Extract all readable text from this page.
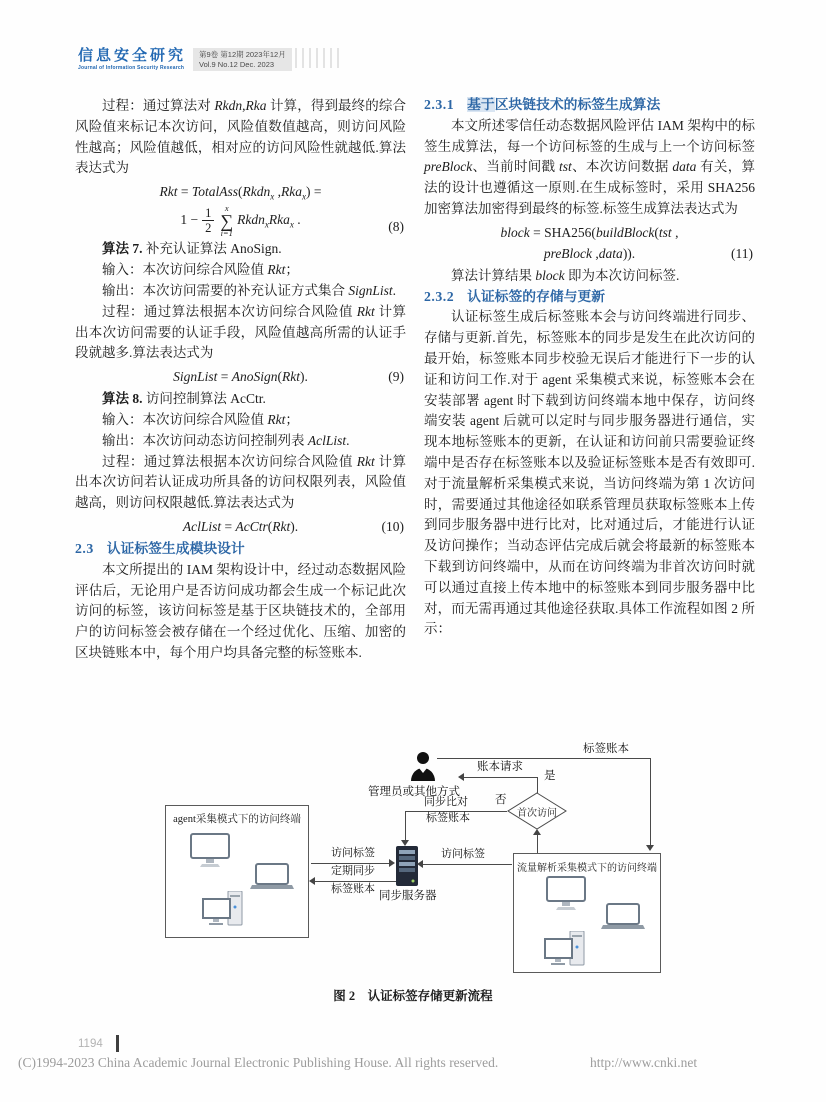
信息安全研究
Journal of Information Security Research
第9卷 第12期 2023年12月
Vol.9 No.12 Dec. 2023

过程：通过算法对 Rkdn,Rka 计算，得到最终的综合风险值来标记本次访问，风险值数值越高，则访问风险性越高；风险值越低，相对应的访问风险性就越低.算法表达式为

Rkt = TotalAss(Rkdn$_x$ ,Rka$_x$) =
$1 - \frac{1}{2}$ x
∑
i=1
Rkdn$_x$Rka$_x$ .	(8)

算法 7. 补充认证算法 AnoSign.

输入：本次访问综合风险值 Rkt；

输出：本次访问需要的补充认证方式集合 SignList.

过程：通过算法根据本次访问综合风险值 Rkt 计算出本次访问需要的认证手段，风险值越高所需的认证手段就越多.算法表达式为

SignList = AnoSign(Rkt).	(9)

算法 8. 访问控制算法 AcCtr.

输入：本次访问综合风险值 Rkt；

输出：本次访问动态访问控制列表 AclList.

过程：通过算法根据本次访问综合风险值 Rkt 计算出本次访问若认证成功所具备的访问权限列表，风险值越高，则访问权限越低.算法表达式为

AclList = AcCtr(Rkt).	(10)
2.3 认证标签生成模块设计

本文所提出的 IAM 架构设计中，经过动态数据风险评估后，无论用户是否访问成功都会生成一个标记此次访问的标签，该访问标签是基于区块链技术的，全部用户的访问标签会被存储在一个经过优化、压缩、加密的区块链账本中，每个用户均具备完整的标签账本.

2.3.1 基于区块链技术的标签生成算法

本文所述零信任动态数据风险评估 IAM 架构中的标签生成算法，每一个访问标签的生成与上一个访问标签 preBlock、当前时间戳 tst、本次访问数据 data 有关，算法的设计也遵循这一原则.在生成标签时，采用 SHA256 加密算法加密得到最终的标签.标签生成算法表达式为

block = SHA256(buildBlock(tst ,
preBlock ,data)).	(11)

算法计算结果 block 即为本次访问标签.

2.3.2 认证标签的存储与更新

认证标签生成后标签账本会与访问终端进行同步、存储与更新.首先，标签账本的同步是发生在此次访问的最开始，标签账本同步校验无误后才能进行下一步的认证和访问工作.对于 agent 采集模式来说，标签账本会在安装部署 agent 时下载到访问终端本地中保存，访问终端安装 agent 后就可以定时与同步服务器进行通信，实现本地标签账本的更新，在认证和访问前只需要验证终端中是否存在标签账本以及验证标签账本是否有效即可.对于流量解析采集模式来说，当访问终端为第 1 次访问时，需要通过其他途径如联系管理员获取标签账本上传到同步服务器中进行比对，比对通过后，才能进行认证及访问操作；当动态评估完成后就会将最新的标签账本下载到访问终端中，从而在访问终端为非首次访问时就可以通过直接上传本地中的标签账本到同步服务器中比对，而无需再通过其他途径获取.具体工作流程如图 2 所示：

标签账本
管理员或其他方式
账本请求
是
首次访问
否
同步比对
标签账本
agent采集模式下的访问终端
同步服务器
访问标签
定期同步
标签账本
访问标签
流量解析采集模式下的访问终端
图 2　认证标签存储更新流程
1194
(C)1994-2023 China Academic Journal Electronic Publishing House. All rights reserved.	http://www.cnki.net
